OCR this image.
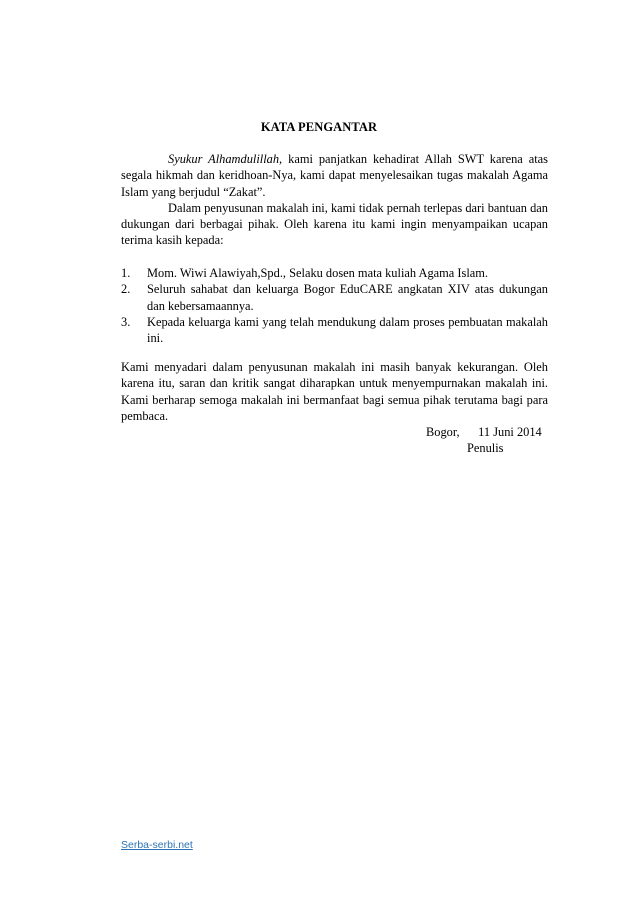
KATA PENGANTAR

Syukur Alhamdulillah, kami panjatkan kehadirat Allah SWT karena atas segala hikmah dan keridhoan-Nya, kami dapat menyelesaikan tugas makalah Agama Islam yang berjudul “Zakat”.

Dalam penyusunan makalah ini, kami tidak pernah terlepas dari bantuan dan dukungan dari berbagai pihak. Oleh karena itu kami ingin menyampaikan ucapan terima kasih kepada:

1.	Mom. Wiwi Alawiyah,Spd., Selaku dosen mata kuliah Agama Islam.
2.	Seluruh sahabat dan keluarga Bogor EduCARE angkatan XIV atas dukungan dan kebersamaannya.
3.	Kepada keluarga kami yang telah mendukung dalam proses pembuatan makalah ini.

Kami menyadari dalam penyusunan makalah ini masih banyak kekurangan. Oleh karena itu, saran dan kritik sangat diharapkan untuk menyempurnakan makalah ini. Kami berharap semoga makalah ini bermanfaat bagi semua pihak terutama bagi para pembaca.

Bogor,      11 Juni 2014
Penulis
Serba-serbi.net
